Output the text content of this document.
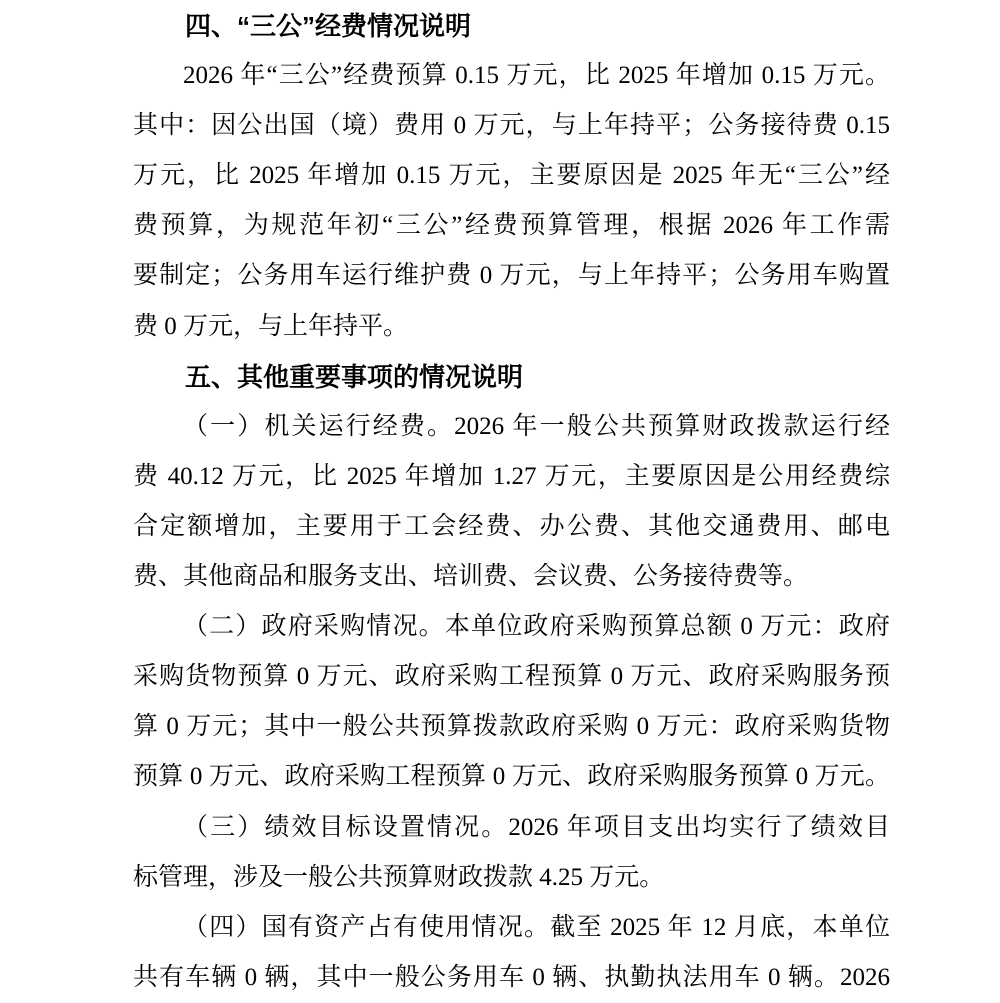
四、“三公”经费情况说明
2026 年“三公”经费预算 0.15 万元，比 2025 年增加 0.15 万元。
其中：因公出国（境）费用 0 万元，与上年持平；公务接待费 0.15
万元，比 2025 年增加 0.15 万元，主要原因是 2025 年无“三公”经
费预算，为规范年初“三公”经费预算管理，根据 2026 年工作需
要制定；公务用车运行维护费 0 万元，与上年持平；公务用车购置
费 0 万元，与上年持平。
五、其他重要事项的情况说明
（一）机关运行经费。2026 年一般公共预算财政拨款运行经
费 40.12 万元，比 2025 年增加 1.27 万元，主要原因是公用经费综
合定额增加，主要用于工会经费、办公费、其他交通费用、邮电
费、其他商品和服务支出、培训费、会议费、公务接待费等。
（二）政府采购情况。本单位政府采购预算总额 0 万元：政府
采购货物预算 0 万元、政府采购工程预算 0 万元、政府采购服务预
算 0 万元；其中一般公共预算拨款政府采购 0 万元：政府采购货物
预算 0 万元、政府采购工程预算 0 万元、政府采购服务预算 0 万元。
（三）绩效目标设置情况。2026 年项目支出均实行了绩效目
标管理，涉及一般公共预算财政拨款 4.25 万元。
（四）国有资产占有使用情况。截至 2025 年 12 月底，本单位
共有车辆 0 辆，其中一般公务用车 0 辆、执勤执法用车 0 辆。2026
